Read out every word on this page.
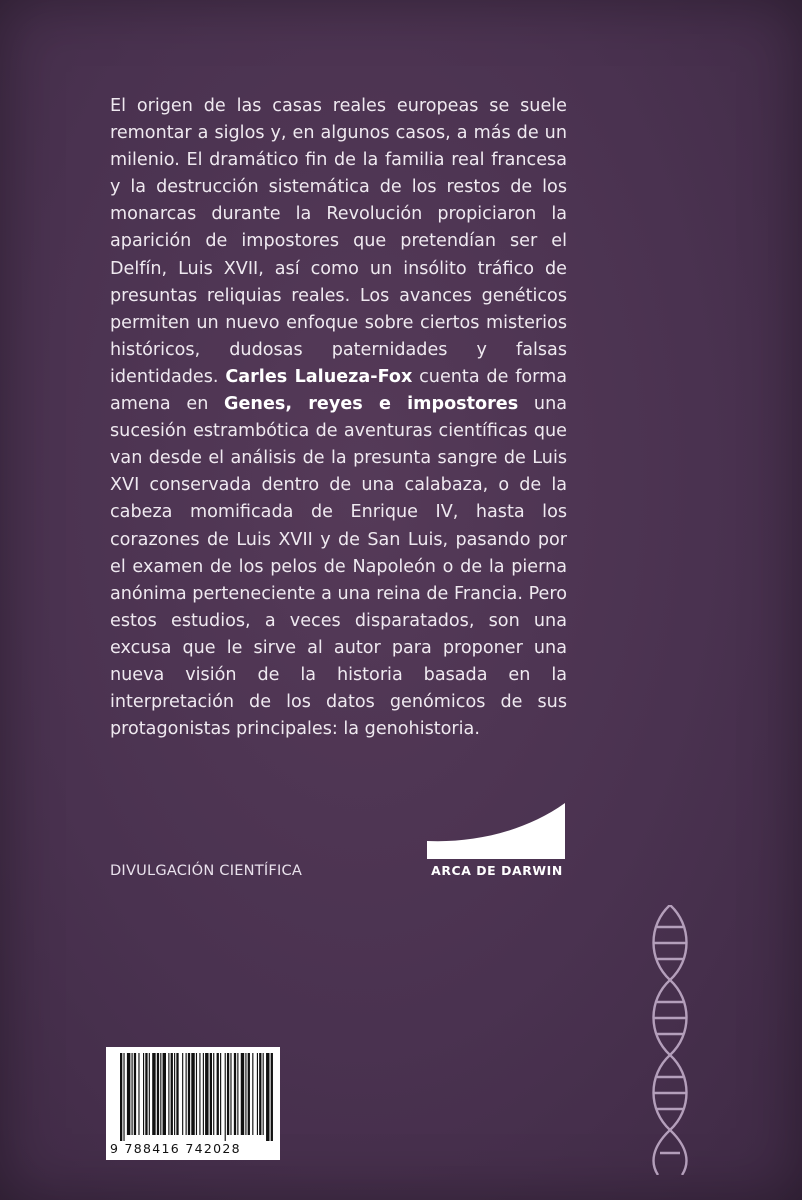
El origen de las casas reales europeas se suele remontar a siglos y, en algunos casos, a más de un milenio. El dramático fin de la familia real francesa y la destrucción sistemática de los restos de los monarcas durante la Revolución propiciaron la aparición de impostores que pretendían ser el Delfín, Luis XVII, así como un insólito tráfico de presuntas reliquias reales. Los avances genéticos permiten un nuevo enfoque sobre ciertos misterios históricos, dudosas paternidades y falsas identidades. Carles Lalueza-Fox cuenta de forma amena en Genes, reyes e impostores una sucesión estrambótica de aventuras científicas que van desde el análisis de la presunta sangre de Luis XVI conservada dentro de una calabaza, o de la cabeza momificada de Enrique IV, hasta los corazones de Luis XVII y de San Luis, pasando por el examen de los pelos de Napoleón o de la pierna anónima perteneciente a una reina de Francia. Pero estos estudios, a veces disparatados, son una excusa que le sirve al autor para proponer una nueva visión de la historia basada en la interpretación de los datos genómicos de sus protagonistas principales: la genohistoria.

DIVULGACIÓN CIENTÍFICA	ARCA DE DARWIN
9 788416 742028
